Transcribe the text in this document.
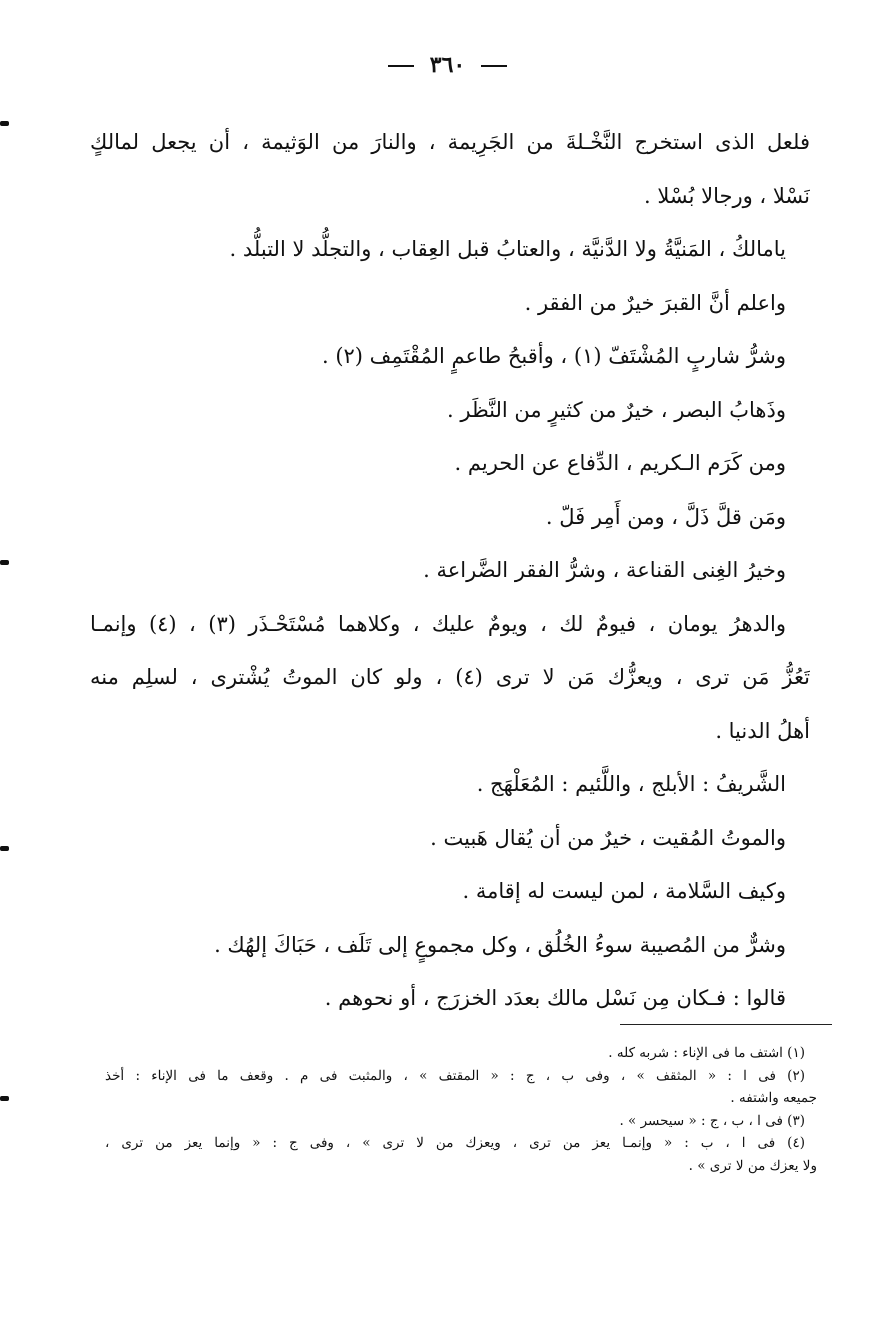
٣٦٠
فلعل الذى استخرج النَّخْـلةَ من الجَرِيمة ، والنارَ من الوَثيمة ، أن يجعل لمالكٍ
نَسْلا ، ورجالا بُسْلا .
يامالكُ ، المَنيَّةُ ولا الدَّنيَّة ، والعتابُ قبل العِقاب ، والتجلُّد لا التبلُّد .
واعلم أنَّ القبرَ خيرٌ من الفقر .
وشرُّ شاربٍ المُشْتَفّ (١) ، وأقبحُ طاعمٍ المُقْتَمِف (٢) .
وذَهابُ البصر ، خيرٌ من كثيرٍ من النَّظَر .
ومن كَرَم الـكريم ، الدِّفاع عن الحريم .
ومَن قلَّ ذَلَّ ، ومن أَمِر فَلّ .
وخيرُ الغِنى القناعة ، وشرُّ الفقر الضَّراعة .
والدهرُ يومان ، فيومٌ لك ، ويومٌ عليك ، وكلاهما مُسْتَحْـذَر (٣) ، (٤) وإنمـا
تَعُزُّ مَن ترى ، ويعزُّك مَن لا ترى (٤) ، ولو كان الموتُ يُشْترى ، لسلِم منه
أهلُ الدنيا .
الشَّريفُ : الأبلج ، واللَّئيم : المُعَلْهَج .
والموتُ المُقيت ، خيرٌ من أن يُقال هَبيت .
وكيف السَّلامة ، لمن ليست له إقامة .
وشرٌّ من المُصيبة سوءُ الخُلُق ، وكل مجموعٍ إلى تَلَف ، حَبَاكَ إلهُك .
قالوا : فـكان مِن نَسْل مالك بعدَد الخزرَج ، أو نحوهم .
(١) اشتف ما فى الإناء : شربه كله .
(٢) فى ا : « المثقف » ، وفى ب ، ج : « المقتف » ، والمثبت فى م . وقعف ما فى الإناء : أخذ
جميعه واشتفه .
(٣) فى ا ، ب ، ج : « سيحسر » .
(٤) فى ا ، ب : « وإنمـا يعز من ترى ، ويعزك من لا ترى » ، وفى ج : « وإنما يعز من ترى ،
ولا يعزك من لا ترى » .
